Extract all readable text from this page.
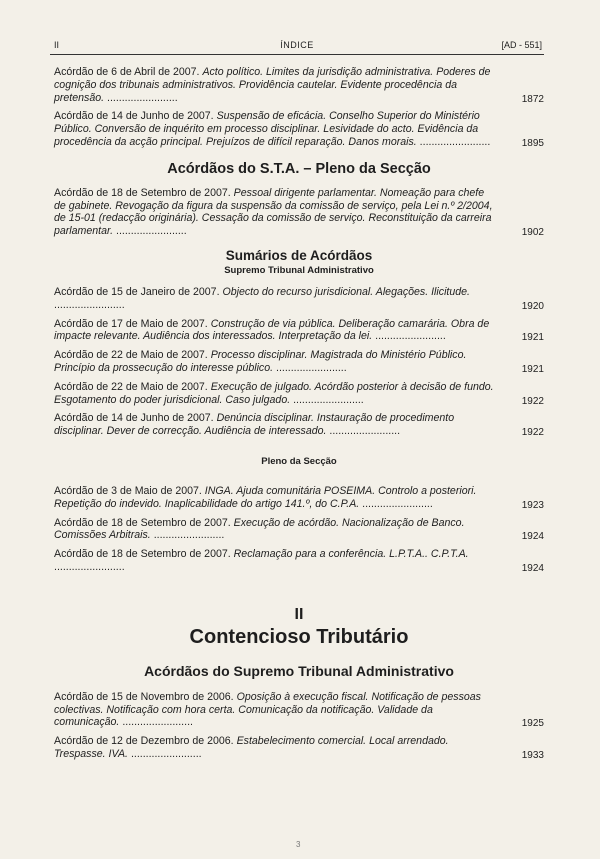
II	ÍNDICE	[AD - 551]
Acórdão de 6 de Abril de 2007. Acto político. Limites da jurisdição administrativa. Poderes de cognição dos tribunais administrativos. Providência cautelar. Evidente procedência da pretensão. ........................	1872
Acórdão de 14 de Junho de 2007. Suspensão de eficácia. Conselho Superior do Ministério Público. Conversão de inquérito em processo disciplinar. Lesividade do acto. Evidência da procedência da acção principal. Prejuízos de difícil reparação. Danos morais. ........................	1895
Acórdãos do S.T.A. – Pleno da Secção
Acórdão de 18 de Setembro de 2007. Pessoal dirigente parlamentar. Nomeação para chefe de gabinete. Revogação da figura da suspensão da comissão de serviço, pela Lei n.º 2/2004, de 15-01 (redacção originária). Cessação da comissão de serviço. Reconstituição da carreira parlamentar. ........................	1902
Sumários de Acórdãos
Supremo Tribunal Administrativo
Acórdão de 15 de Janeiro de 2007. Objecto do recurso jurisdicional. Alegações. Ilicitude. ........................	1920
Acórdão de 17 de Maio de 2007. Construção de via pública. Deliberação camarária. Obra de impacte relevante. Audiência dos interessados. Interpretação da lei. ........................	1921
Acórdão de 22 de Maio de 2007. Processo disciplinar. Magistrada do Ministério Público. Princípio da prossecução do interesse público. ........................	1921
Acórdão de 22 de Maio de 2007. Execução de julgado. Acórdão posterior à decisão de fundo. Esgotamento do poder jurisdicional. Caso julgado. ........................	1922
Acórdão de 14 de Junho de 2007. Denúncia disciplinar. Instauração de procedimento disciplinar. Dever de correcção. Audiência de interessado. ........................	1922
Pleno da Secção
Acórdão de 3 de Maio de 2007. INGA. Ajuda comunitária POSEIMA. Controlo a posteriori. Repetição do indevido. Inaplicabilidade do artigo 141.º, do C.P.A. ........................	1923
Acórdão de 18 de Setembro de 2007. Execução de acórdão. Nacionalização de Banco. Comissões Arbitrais. ........................	1924
Acórdão de 18 de Setembro de 2007. Reclamação para a conferência. L.P.T.A.. C.P.T.A. ........................	1924
II
Contencioso Tributário
Acórdãos do Supremo Tribunal Administrativo
Acórdão de 15 de Novembro de 2006. Oposição à execução fiscal. Notificação de pessoas colectivas. Notificação com hora certa. Comunicação da notificação. Validade da comunicação. ........................	1925
Acórdão de 12 de Dezembro de 2006. Estabelecimento comercial. Local arrendado. Trespasse. IVA. ........................	1933
3
